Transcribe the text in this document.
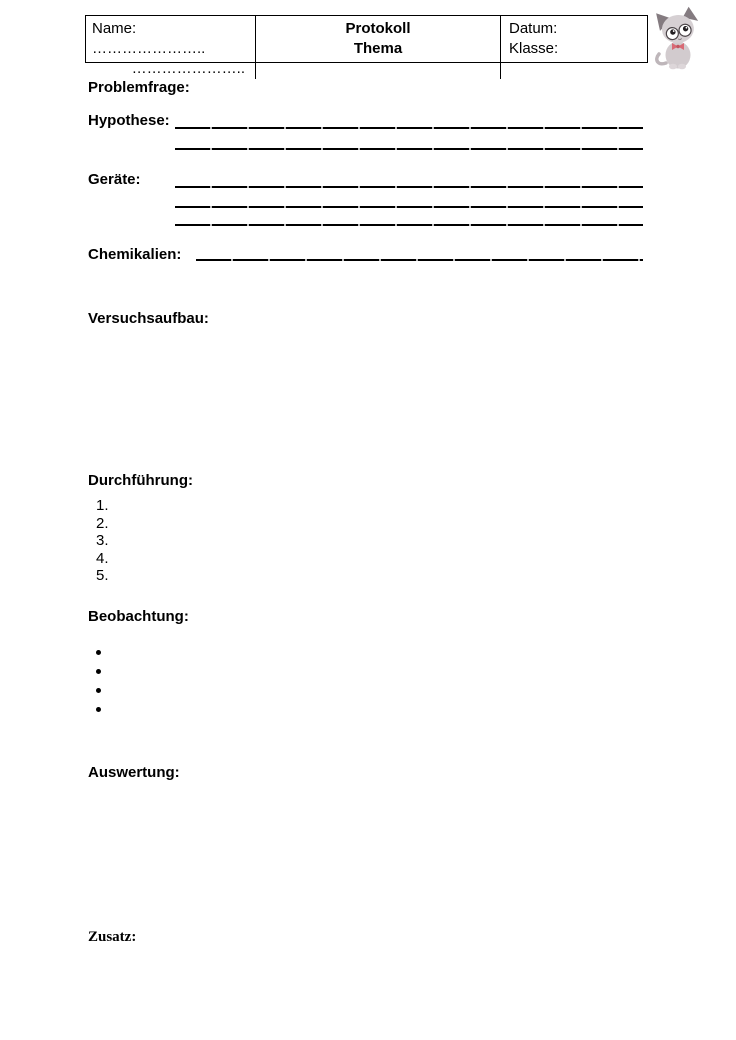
Name: …………………..
…………………..
Protokoll
Thema
Datum:
Klasse:
Problemfrage:
Hypothese:
Geräte:
Chemikalien:
Versuchsaufbau:
Durchführung:
1.
2.
3.
4.
5.
Beobachtung:
Auswertung:
Zusatz:
